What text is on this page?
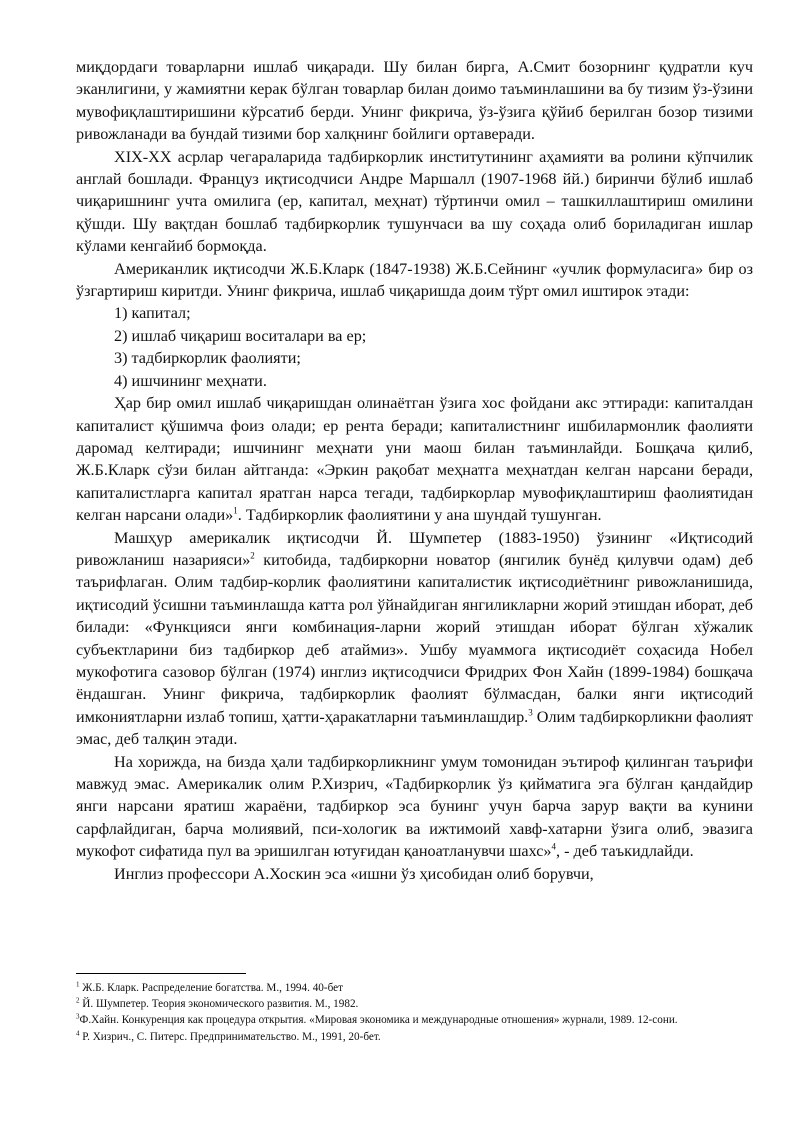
миқдордаги товарларни ишлаб чиқаради. Шу билан бирга, А.Смит бозорнинг қудратли куч эканлигини, у жамиятни керак бўлган товарлар билан доимо таъминлашини ва бу тизим ўз-ўзини мувофиқлаштиришини кўрсатиб берди. Унинг фикрича, ўз-ўзига қўйиб берилган бозор тизими ривожланади ва бундай тизими бор халқнинг бойлиги ортаверади.

XIX-XX асрлар чегараларида тадбиркорлик институтининг аҳамияти ва ролини кўпчилик англай бошлади. Француз иқтисодчиси Андре Маршалл (1907-1968 йй.) биринчи бўлиб ишлаб чиқаришнинг учта омилига (ер, капитал, меҳнат) тўртинчи омил – ташкиллаштириш омилини қўшди. Шу вақтдан бошлаб тадбиркорлик тушунчаси ва шу соҳада олиб бориладиган ишлар кўлами кенгайиб бормоқда.

Американлик иқтисодчи Ж.Б.Кларк (1847-1938) Ж.Б.Сейнинг «учлик формуласига» бир оз ўзгартириш киритди. Унинг фикрича, ишлаб чиқаришда доим тўрт омил иштирок этади:

1) капитал;

2) ишлаб чиқариш воситалари ва ер;

3) тадбиркорлик фаолияти;

4) ишчининг меҳнати.

Ҳар бир омил ишлаб чиқаришдан олинаётган ўзига хос фойдани акс эттиради: капиталдан капиталист қўшимча фоиз олади; ер рента беради; капиталистнинг ишбилармонлик фаолияти даромад келтиради; ишчининг меҳнати уни маош билан таъминлайди. Бошқача қилиб, Ж.Б.Кларк сўзи билан айтганда: «Эркин рақобат меҳнатга меҳнатдан келган нарсани беради, капиталистларга капитал яратган нарса тегади, тадбиркорлар мувофиқлаштириш фаолиятидан келган нарсани олади»$^1$. Тадбиркорлик фаолиятини у ана шундай тушунган.

Машҳур америкалик иқтисодчи Й. Шумпетер (1883-1950) ўзининг «Иқтисодий ривожланиш назарияси»$^2$ китобида, тадбиркорни новатор (янгилик бунёд қилувчи одам) деб таърифлаган. Олим тадбир-корлик фаолиятини капиталистик иқтисодиётнинг ривожланишида, иқтисодий ўсишни таъминлашда катта рол ўйнайдиган янгиликларни жорий этишдан иборат, деб билади: «Функцияси янги комбинация-ларни жорий этишдан иборат бўлган хўжалик субъектларини биз тадбиркор деб атаймиз». Ушбу муаммога иқтисодиёт соҳасида Нобел мукофотига сазовор бўлган (1974) инглиз иқтисодчиси Фридрих Фон Хайн (1899-1984) бошқача ёндашган. Унинг фикрича, тадбиркорлик фаолият бўлмасдан, балки янги иқтисодий имкониятларни излаб топиш, ҳатти-ҳаракатларни таъминлашдир.$^3$ Олим тадбиркорликни фаолият эмас, деб талқин этади.

На хорижда, на бизда ҳали тадбиркорликнинг умум томонидан эътироф қилинган таърифи мавжуд эмас. Америкалик олим Р.Хизрич, «Тадбиркорлик ўз қийматига эга бўлган қандайдир янги нарсани яратиш жараёни, тадбиркор эса бунинг учун барча зарур вақти ва кунини сарфлайдиган, барча молиявий, пси-хологик ва ижтимоий хавф-хатарни ўзига олиб, эвазига мукофот сифатида пул ва эришилган ютуғидан қаноатланувчи шахс»$^4$, - деб таъкидлайди.

Инглиз профессори А.Хоскин эса «ишни ўз ҳисобидан олиб борувчи,

$^1$ Ж.Б. Кларк. Распределение богатства. М., 1994. 40-бет

$^2$ Й. Шумпетер. Теория экономического развития. М., 1982.

$^3$Ф.Хайн. Конкуренция как процедура открытия. «Мировая экономика и международные отношения» журнали, 1989. 12-сони.

$^4$ Р. Хизрич., С. Питерс. Предпринимательство. М., 1991, 20-бет.
